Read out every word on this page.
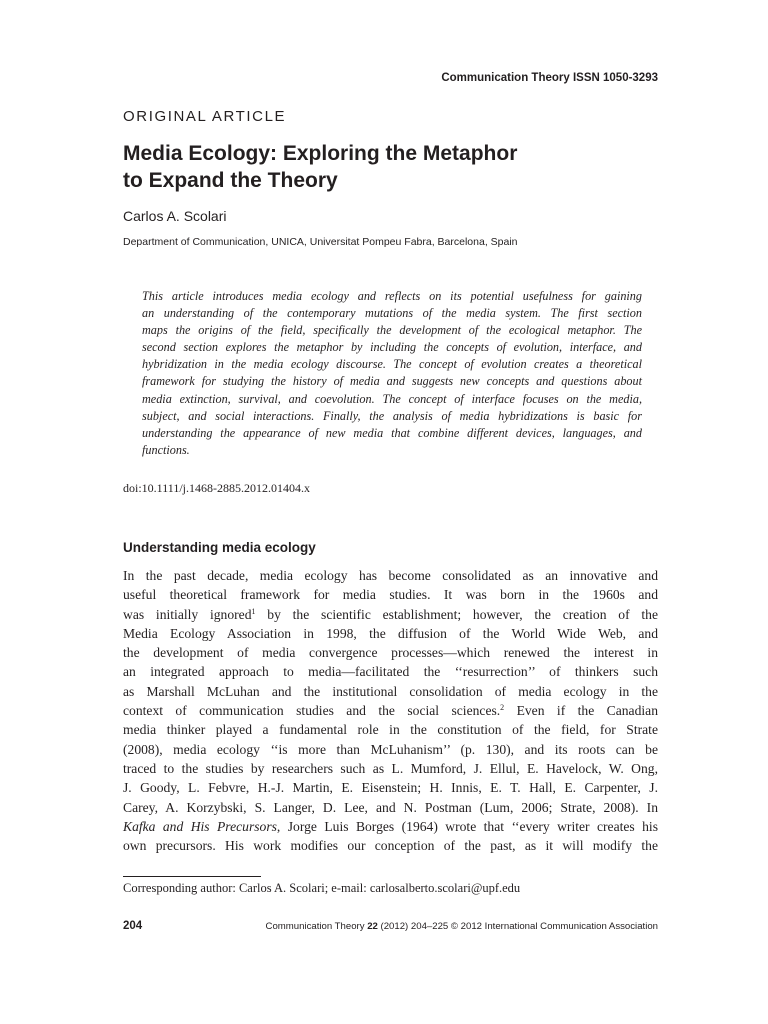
Communication Theory ISSN 1050-3293
ORIGINAL ARTICLE
Media Ecology: Exploring the Metaphor
to Expand the Theory
Carlos A. Scolari
Department of Communication, UNICA, Universitat Pompeu Fabra, Barcelona, Spain
This article introduces media ecology and reflects on its potential usefulness for gaining
an understanding of the contemporary mutations of the media system. The first section
maps the origins of the field, specifically the development of the ecological metaphor. The
second section explores the metaphor by including the concepts of evolution, interface, and
hybridization in the media ecology discourse. The concept of evolution creates a theoretical
framework for studying the history of media and suggests new concepts and questions about
media extinction, survival, and coevolution. The concept of interface focuses on the media,
subject, and social interactions. Finally, the analysis of media hybridizations is basic for
understanding the appearance of new media that combine different devices, languages, and
functions.
doi:10.1111/j.1468-2885.2012.01404.x
Understanding media ecology
In the past decade, media ecology has become consolidated as an innovative and
useful theoretical framework for media studies. It was born in the 1960s and
was initially ignored$^1$ by the scientific establishment; however, the creation of the
Media Ecology Association in 1998, the diffusion of the World Wide Web, and
the development of media convergence processes—which renewed the interest in
an integrated approach to media—facilitated the ‘‘resurrection’’ of thinkers such
as Marshall McLuhan and the institutional consolidation of media ecology in the
context of communication studies and the social sciences.$^2$ Even if the Canadian
media thinker played a fundamental role in the constitution of the field, for Strate
(2008), media ecology ‘‘is more than McLuhanism’’ (p. 130), and its roots can be
traced to the studies by researchers such as L. Mumford, J. Ellul, E. Havelock, W. Ong,
J. Goody, L. Febvre, H.-J. Martin, E. Eisenstein; H. Innis, E. T. Hall, E. Carpenter, J.
Carey, A. Korzybski, S. Langer, D. Lee, and N. Postman (Lum, 2006; Strate, 2008). In
Kafka and His Precursors, Jorge Luis Borges (1964) wrote that ‘‘every writer creates his
own precursors. His work modifies our conception of the past, as it will modify the
Corresponding author: Carlos A. Scolari; e-mail: carlosalberto.scolari@upf.edu
204	Communication Theory 22 (2012) 204–225 © 2012 International Communication Association
